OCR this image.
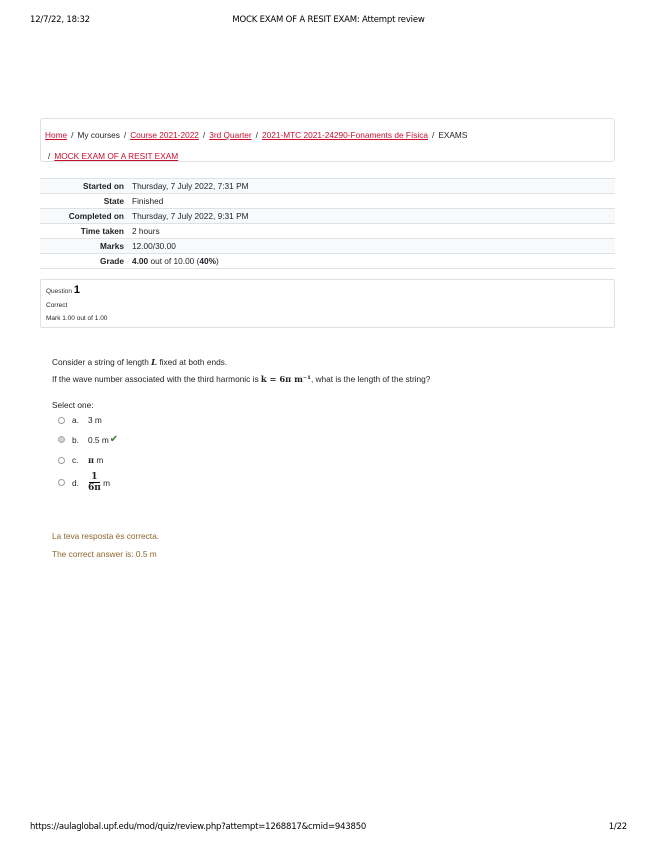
12/7/22, 18:32	MOCK EXAM OF A RESIT EXAM: Attempt review
Home / My courses / Course 2021-2022 / 3rd Quarter / 2021-MTC 2021-24290-Fonaments de Física / EXAMS
/ MOCK EXAM OF A RESIT EXAM
Started on	Thursday, 7 July 2022, 7:31 PM
State	Finished
Completed on	Thursday, 7 July 2022, 9:31 PM
Time taken	2 hours
Marks	12.00/30.00
Grade	4.00 out of 10.00 (40%)
Question 1
Correct
Mark 1.00 out of 1.00
Consider a string of length L fixed at both ends.
If the wave number associated with the third harmonic is k = 6π m⁻¹, what is the length of the string?
Select one:
a.	3 m
b.	0.5 m ✔
c.	π
m
d.	$\frac{1}{6\pi}$
m
La teva resposta és correcta.
The correct answer is: 0.5 m
https://aulaglobal.upf.edu/mod/quiz/review.php?attempt=1268817&cmid=943850	1/22
